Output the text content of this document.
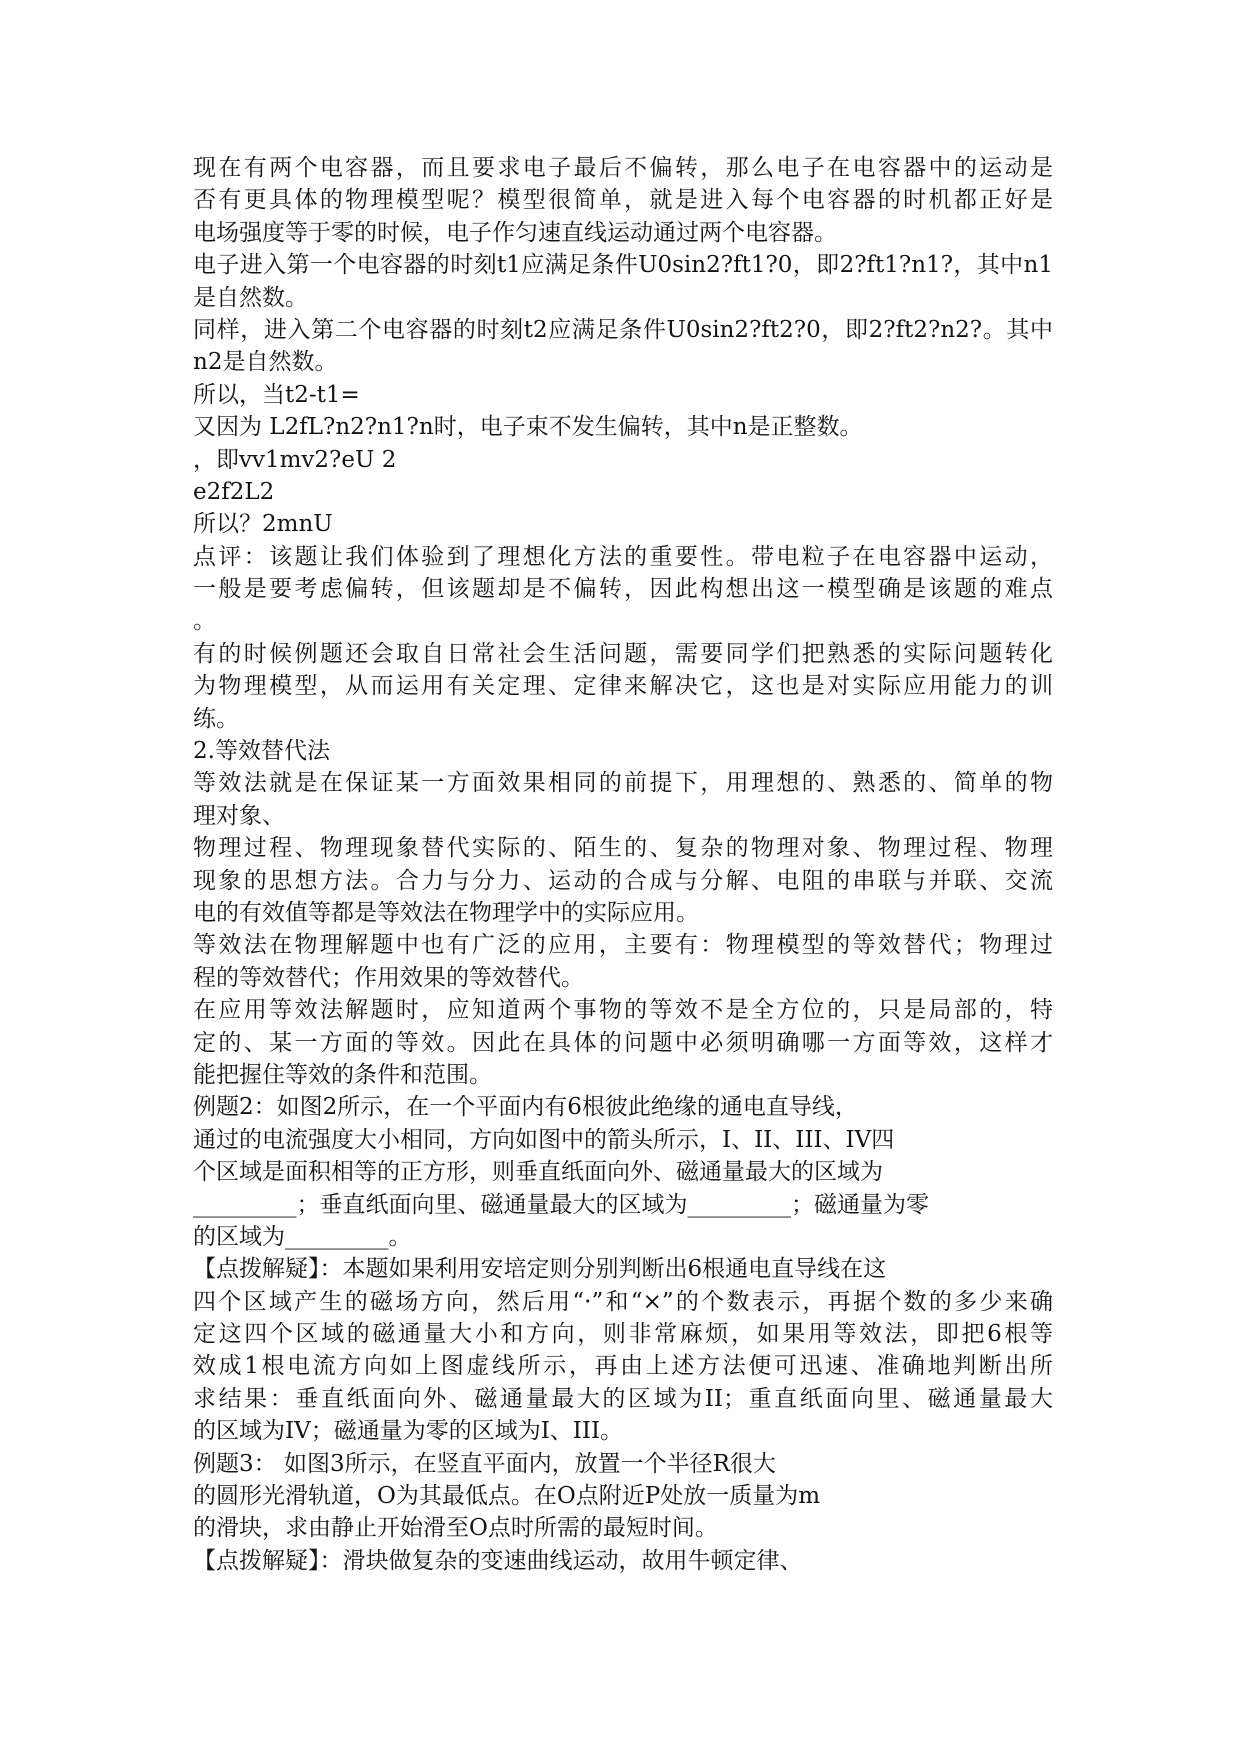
现在有两个电容器，而且要求电子最后不偏转，那么电子在电容器中的运动是
否有更具体的物理模型呢？模型很简单，就是进入每个电容器的时机都正好是
电场强度等于零的时候，电子作匀速直线运动通过两个电容器。
电子进入第一个电容器的时刻t1应满足条件U0sin2?ft1?0，即2?ft1?n1?，其中n1
是自然数。
同样，进入第二个电容器的时刻t2应满足条件U0sin2?ft2?0，即2?ft2?n2?。其中
n2是自然数。
所以，当t2-t1=
又因为 L2fL?n2?n1?n时，电子束不发生偏转，其中n是正整数。
，即vv1mv2?eU 2
e2f2L2
所以？2mnU
点评：该题让我们体验到了理想化方法的重要性。带电粒子在电容器中运动，
一般是要考虑偏转，但该题却是不偏转，因此构想出这一模型确是该题的难点
。
有的时候例题还会取自日常社会生活问题，需要同学们把熟悉的实际问题转化
为物理模型，从而运用有关定理、定律来解决它，这也是对实际应用能力的训
练。
2.等效替代法
等效法就是在保证某一方面效果相同的前提下，用理想的、熟悉的、简单的物
理对象、
物理过程、物理现象替代实际的、陌生的、复杂的物理对象、物理过程、物理
现象的思想方法。合力与分力、运动的合成与分解、电阻的串联与并联、交流
电的有效值等都是等效法在物理学中的实际应用。
等效法在物理解题中也有广泛的应用，主要有：物理模型的等效替代；物理过
程的等效替代；作用效果的等效替代。
在应用等效法解题时，应知道两个事物的等效不是全方位的，只是局部的，特
定的、某一方面的等效。因此在具体的问题中必须明确哪一方面等效，这样才
能把握住等效的条件和范围。
例题2：如图2所示，在一个平面内有6根彼此绝缘的通电直导线，
通过的电流强度大小相同，方向如图中的箭头所示，I、II、III、IV四
个区域是面积相等的正方形，则垂直纸面向外、磁通量最大的区域为
_________；垂直纸面向里、磁通量最大的区域为_________；磁通量为零
的区域为_________。
【点拨解疑】：本题如果利用安培定则分别判断出6根通电直导线在这
四个区域产生的磁场方向，然后用“·”和“×”的个数表示，再据个数的多少来确
定这四个区域的磁通量大小和方向，则非常麻烦，如果用等效法，即把6根等
效成1根电流方向如上图虚线所示，再由上述方法便可迅速、准确地判断出所
求结果：垂直纸面向外、磁通量最大的区域为II；重直纸面向里、磁通量最大
的区域为IV；磁通量为零的区域为I、III。
例题3： 如图3所示，在竖直平面内，放置一个半径R很大
的圆形光滑轨道，O为其最低点。在O点附近P处放一质量为m
的滑块，求由静止开始滑至O点时所需的最短时间。
【点拨解疑】：滑块做复杂的变速曲线运动，故用牛顿定律、
